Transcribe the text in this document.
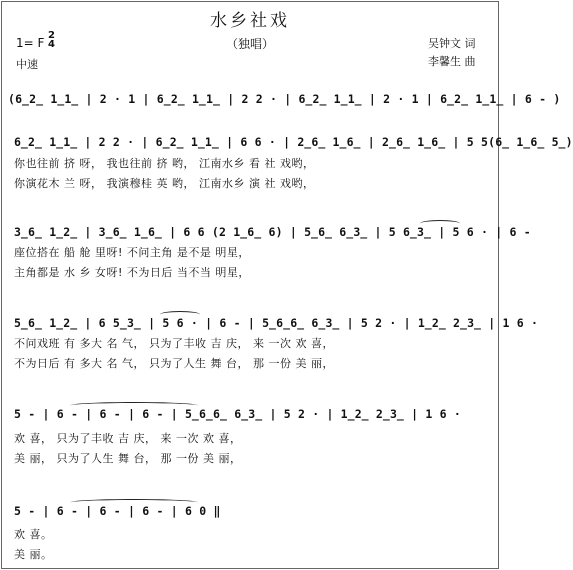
水乡社戏
1= F
2
4	（独唱）	吴钟文 词
李馨生 曲
中速
(6̲2̲ 1̲1̲ | 2 · 1 | 6̲2̲ 1̲1̲ | 2 2 · | 6̲2̲ 1̲1̲ | 2 · 1 | 6̲2̲ 1̲1̲ | 6 - )
6̲2̲ 1̲1̲ | 2 2 · | 6̲2̲ 1̲1̲ | 6 6 · | 2̲6̲ 1̲6̲ | 2̲6̲ 1̲6̲ | 5 5(6̲ 1̲6̲ 5̲)
你也往前 挤 呀， 我也往前 挤 哟， 江南水乡 看 社 戏哟，
你演花木 兰 呀， 我演穆桂 英 哟， 江南水乡 演 社 戏哟，
3̲6̲ 1̲2̲ | 3̲6̲ 1̲6̲ | 6 6 (2 1̲6̲ 6) | 5̲6̲ 6̲3̲ | 5 6̲3̲ | 5 6 · | 6 -
座位搭在 船 舱 里呀! 不问主角 是不是 明星，
主角都是 水 乡 女呀! 不为日后 当不当 明星，
5̲6̲ 1̲2̲ | 6 5̲3̲ | 5 6 · | 6 - | 5̲6̲6̲ 6̲3̲ | 5 2 · | 1̲2̲ 2̲3̲ | 1 6 ·
不问戏班 有 多大 名 气， 只为了丰收 吉 庆， 来 一次 欢 喜，
不为日后 有 多大 名 气， 只为了人生 舞 台， 那 一份 美 丽，
5 - | 6 - | 6 - | 6 - | 5̲6̲6̲ 6̲3̲ | 5 2 · | 1̲2̲ 2̲3̲ | 1 6 ·
欢 喜， 只为了丰收 吉 庆， 来 一次 欢 喜，
美 丽， 只为了人生 舞 台， 那 一份 美 丽，
5 - | 6 - | 6 - | 6 - | 6 0 ‖
欢 喜。
美 丽。
